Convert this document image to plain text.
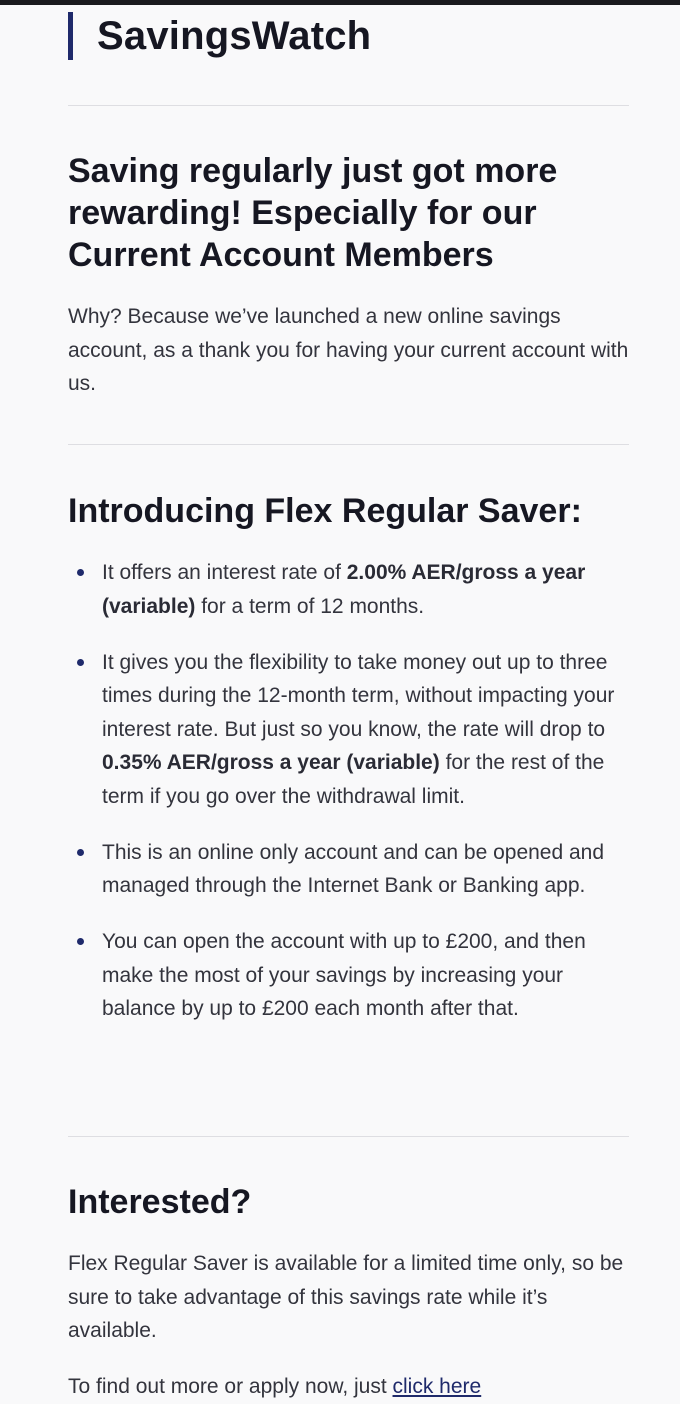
SavingsWatch
Saving regularly just got more rewarding! Especially for our Current Account Members

Why? Because we’ve launched a new online savings account, as a thank you for having your current account with us.

Introducing Flex Regular Saver:
It offers an interest rate of 2.00% AER/gross a year (variable) for a term of 12 months.
It gives you the flexibility to take money out up to three times during the 12-month term, without impacting your interest rate. But just so you know, the rate will drop to 0.35% AER/gross a year (variable) for the rest of the term if you go over the withdrawal limit.
This is an online only account and can be opened and managed through the Internet Bank or Banking app.
You can open the account with up to £200, and then make the most of your savings by increasing your balance by up to £200 each month after that.
Interested?

Flex Regular Saver is available for a limited time only, so be sure to take advantage of this savings rate while it’s available.

To find out more or apply now, just click here
